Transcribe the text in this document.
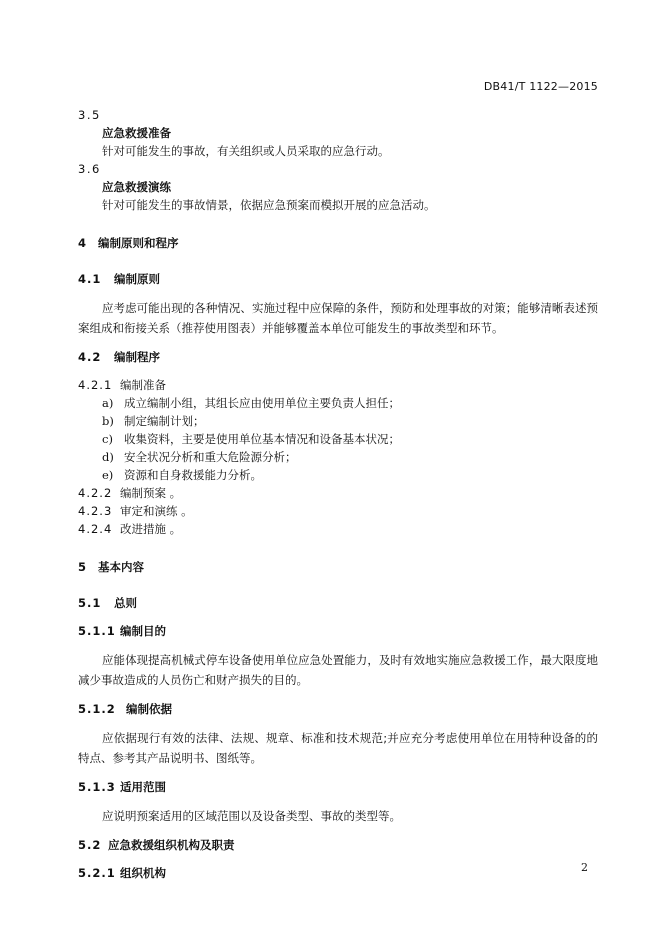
DB41/T 1122—2015
3.5
应急救援准备
针对可能发生的事故，有关组织或人员采取的应急行动。
3.6
应急救援演练
针对可能发生的事故情景，依据应急预案而模拟开展的应急活动。
4 编制原则和程序
4.1 编制原则
应考虑可能出现的各种情况、实施过程中应保障的条件，预防和处理事故的对策；能够清晰表述预案组成和衔接关系（推荐使用图表）并能够覆盖本单位可能发生的事故类型和环节。
4.2 编制程序
4.2.1 编制准备
a) 成立编制小组，其组长应由使用单位主要负责人担任；
b) 制定编制计划；
c) 收集资料，主要是使用单位基本情况和设备基本状况；
d) 安全状况分析和重大危险源分析；
e) 资源和自身救援能力分析。
4.2.2 编制预案 。
4.2.3 审定和演练 。
4.2.4 改进措施 。
5 基本内容
5.1 总则
5.1.1 编制目的
应能体现提高机械式停车设备使用单位应急处置能力，及时有效地实施应急救援工作，最大限度地减少事故造成的人员伤亡和财产损失的目的。
5.1.2 编制依据
应依据现行有效的法律、法规、规章、标准和技术规范;并应充分考虑使用单位在用特种设备的的特点、参考其产品说明书、图纸等。
5.1.3 适用范围
应说明预案适用的区域范围以及设备类型、事故的类型等。
5.2 应急救援组织机构及职责
5.2.1 组织机构	2
